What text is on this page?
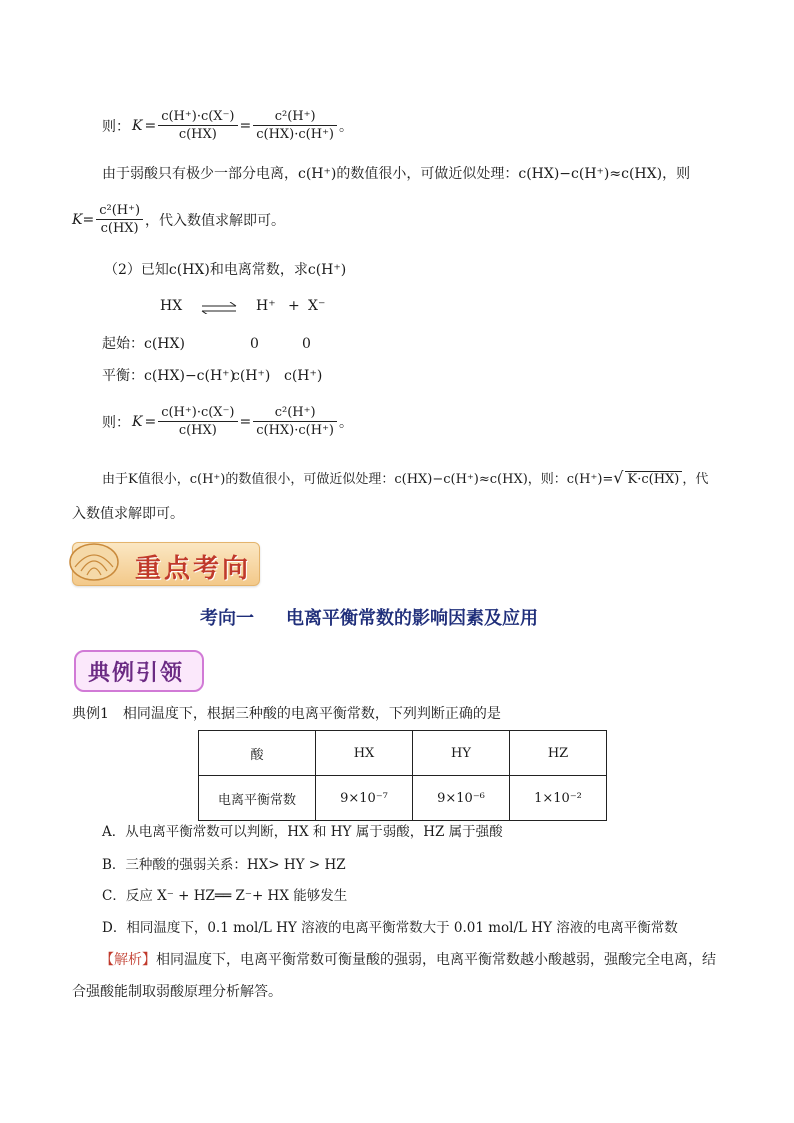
则： $K = \frac{c(H^+)\cdot c(X^-)}{c(HX)} = \frac{\text{c²(H⁺)}}{c(HX)\cdot c(H^+)}$ 。
由于弱酸只有极少一部分电离，c(H⁺)的数值很小，可做近似处理：c(HX)−c(H⁺)≈c(HX)，则
$K= \frac{\text{c²(H⁺)}}{c(HX)}$ ，代入数值求解即可。
（2）已知c(HX)和电离常数，求c(H⁺)
HX ⇌ H⁺ + X⁻
起始：c(HX)	0	0
平衡：c(HX)−c(H⁺)
c(H⁺) c(H⁺)
则： $K = \frac{c(H^+)\cdot c(X^-)}{c(HX)} = \frac{\text{c²(H⁺)}}{c(HX)\cdot c(H^+)}$ 。
由于K值很小，c(H⁺)的数值很小，可做近似处理：c(HX)−c(H⁺)≈c(HX)，则：c(H⁺)=√ K·c(HX) ，代
入数值求解即可。
重点考向
考向一 电离平衡常数的影响因素及应用
典例引领
典例1　相同温度下，根据三种酸的电离平衡常数，下列判断正确的是
酸	HX	HY	HZ
电离平衡常数	9×10⁻⁷	9×10⁻⁶	1×10⁻²
A．从电离平衡常数可以判断，HX 和 HY 属于弱酸，HZ 属于强酸
B．三种酸的强弱关系：HX> HY > HZ
C．反应 X⁻ + HZ══ Z⁻+ HX 能够发生
D．相同温度下，0.1 mol/L HY 溶液的电离平衡常数大于 0.01 mol/L HY 溶液的电离平衡常数
【解析】相同温度下，电离平衡常数可衡量酸的强弱，电离平衡常数越小酸越弱，强酸完全电离，结
合强酸能制取弱酸原理分析解答。
